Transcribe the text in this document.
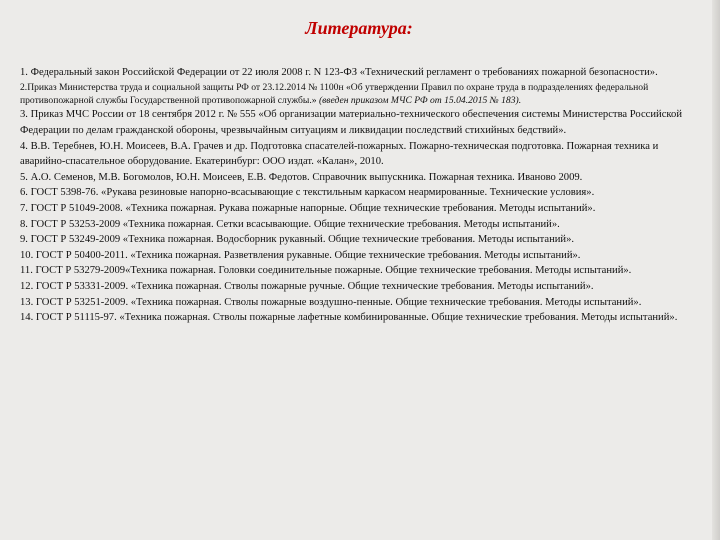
Литература:

1. Федеральный закон Российской Федерации от 22 июля 2008 г. N 123-ФЗ «Технический регламент о требованиях пожарной безопасности».

2.Приказ Министерства труда и социальной защиты РФ от 23.12.2014 № 1100н «Об утверждении Правил по охране труда в подразделениях федеральной противопожарной службы Государственной противопожарной службы.» (введен приказом МЧС РФ от 15.04.2015 № 183).

3. Приказ МЧС России от 18 сентября 2012 г. № 555 «Об организации материально-технического обеспечения системы Министерства Российской Федерации по делам гражданской обороны, чрезвычайным ситуациям и ликвидации последствий стихийных бедствий».

4. В.В. Теребнев, Ю.Н. Моисеев, В.А. Грачев и др. Подготовка спасателей-пожарных. Пожарно-техническая подготовка. Пожарная техника и аварийно-спасательное оборудование. Екатеринбург: ООО издат. «Калан», 2010.

5. А.О. Семенов, М.В. Богомолов, Ю.Н. Моисеев, Е.В. Федотов. Справочник выпускника. Пожарная техника. Иваново 2009.

6. ГОСТ 5398-76. «Рукава резиновые напорно-всасывающие с текстильным каркасом неармированные. Технические условия».

7. ГОСТ Р 51049-2008. «Техника пожарная. Рукава пожарные напорные. Общие технические требования. Методы испытаний».

8. ГОСТ Р 53253-2009 «Техника пожарная. Сетки всасывающие. Общие технические требования. Методы испытаний».

9. ГОСТ Р 53249-2009 «Техника пожарная. Водосборник рукавный. Общие технические требования. Методы испытаний».

10. ГОСТ Р 50400-2011. «Техника пожарная. Разветвления рукавные. Общие технические требования. Методы испытаний».

11. ГОСТ Р 53279-2009«Техника пожарная. Головки соединительные пожарные. Общие технические требования. Методы испытаний».

12. ГОСТ Р 53331-2009. «Техника пожарная. Стволы пожарные ручные. Общие технические требования. Методы испытаний».

13. ГОСТ Р 53251-2009. «Техника пожарная. Стволы пожарные воздушно-пенные. Общие технические требования. Методы испытаний».

14. ГОСТ Р 51115-97. «Техника пожарная. Стволы пожарные лафетные комбинированные. Общие технические требования. Методы испытаний».
